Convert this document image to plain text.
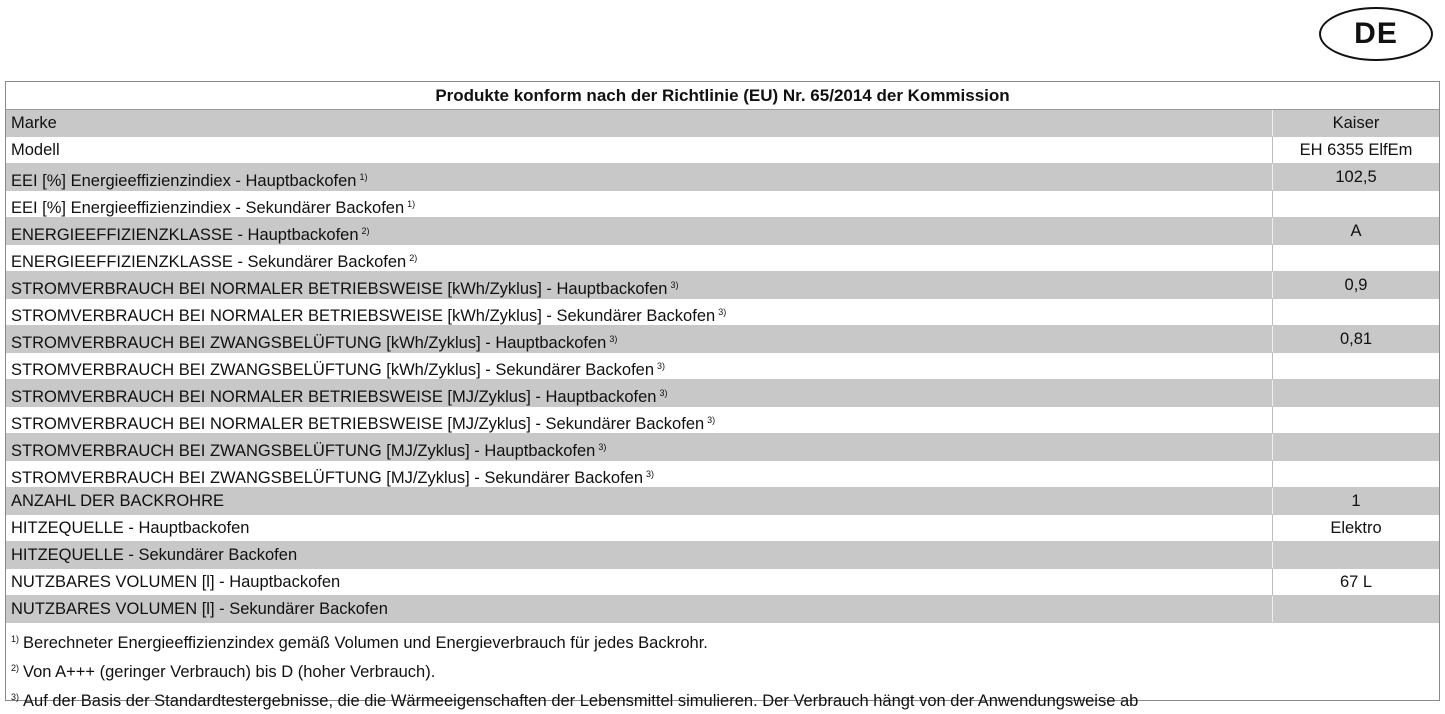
DE
Produkte konform nach der Richtlinie (EU) Nr. 65/2014 der Kommission
Marke	Kaiser
Modell	EH 6355 ElfEm
EEI [%] Energieeffizienzindiex - Hauptbackofen $^{1)}$	102,5
EEI [%] Energieeffizienzindiex - Sekundärer Backofen $^{1)}$
ENERGIEEFFIZIENZKLASSE - Hauptbackofen $^{2)}$	A
ENERGIEEFFIZIENZKLASSE - Sekundärer Backofen $^{2)}$
STROMVERBRAUCH BEI NORMALER BETRIEBSWEISE [kWh/Zyklus] - Hauptbackofen $^{3)}$	0,9
STROMVERBRAUCH BEI NORMALER BETRIEBSWEISE [kWh/Zyklus] - Sekundärer Backofen $^{3)}$
STROMVERBRAUCH BEI ZWANGSBELÜFTUNG [kWh/Zyklus] - Hauptbackofen $^{3)}$	0,81
STROMVERBRAUCH BEI ZWANGSBELÜFTUNG [kWh/Zyklus] - Sekundärer Backofen $^{3)}$
STROMVERBRAUCH BEI NORMALER BETRIEBSWEISE [MJ/Zyklus] - Hauptbackofen $^{3)}$
STROMVERBRAUCH BEI NORMALER BETRIEBSWEISE [MJ/Zyklus] - Sekundärer Backofen $^{3)}$
STROMVERBRAUCH BEI ZWANGSBELÜFTUNG [MJ/Zyklus] - Hauptbackofen $^{3)}$
STROMVERBRAUCH BEI ZWANGSBELÜFTUNG [MJ/Zyklus] - Sekundärer Backofen $^{3)}$
ANZAHL DER BACKROHRE	1
HITZEQUELLE - Hauptbackofen	Elektro
HITZEQUELLE - Sekundärer Backofen
NUTZBARES VOLUMEN [l] - Hauptbackofen	67 L
NUTZBARES VOLUMEN [l] - Sekundärer Backofen
$^{1)}$ Berechneter Energieeffizienzindex gemäß Volumen und Energieverbrauch für jedes Backrohr.
$^{2)}$ Von A+++ (geringer Verbrauch) bis D (hoher Verbrauch).
$^{3)}$ Auf der Basis der Standardtestergebnisse, die die Wärmeeigenschaften der Lebensmittel simulieren. Der Verbrauch hängt von der Anwendungsweise ab
